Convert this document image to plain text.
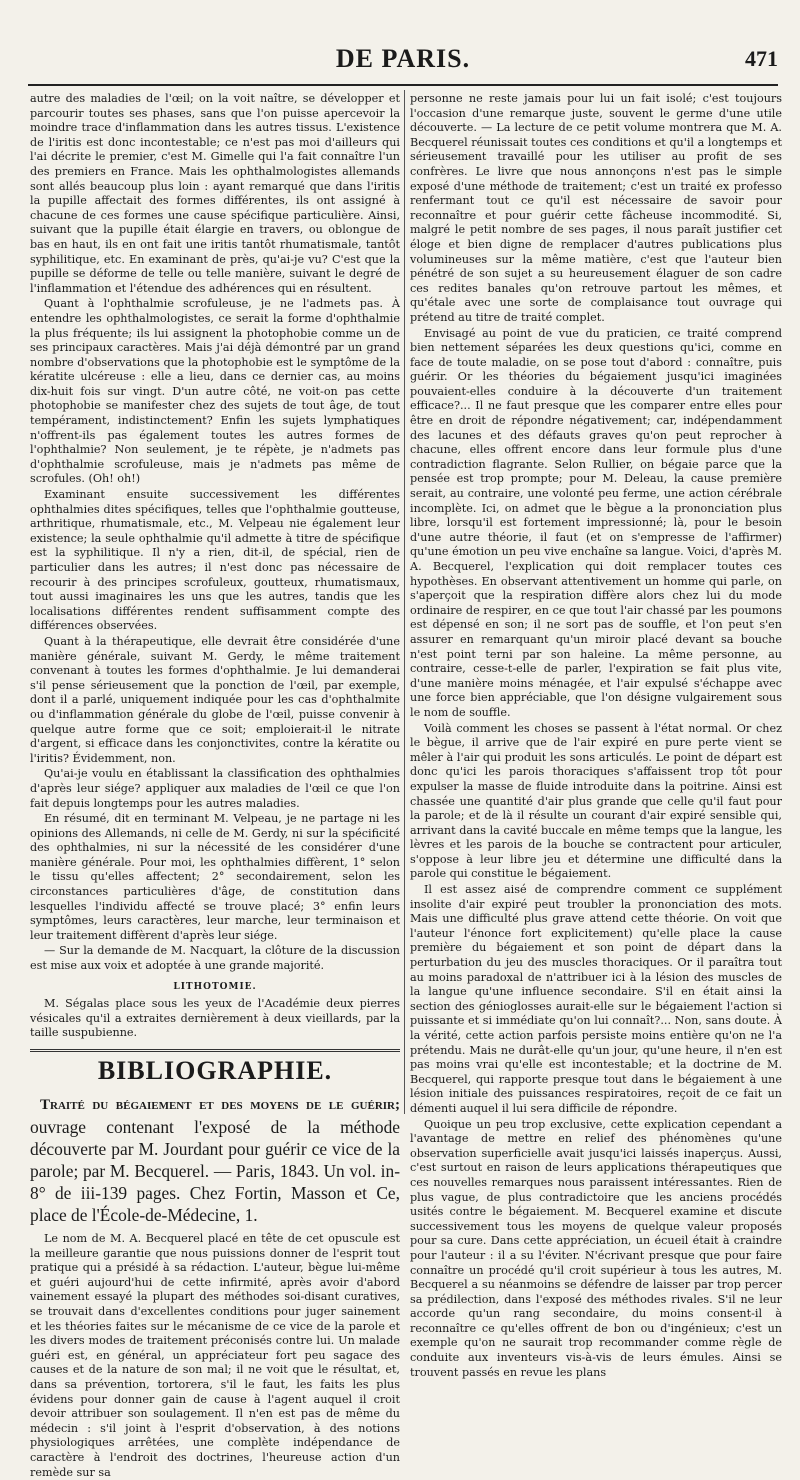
DE PARIS.	471

autre des maladies de l'œil; on la voit naître, se développer et parcourir toutes ses phases, sans que l'on puisse apercevoir la moindre trace d'inflammation dans les autres tissus. L'existence de l'iritis est donc incontestable; ce n'est pas moi d'ailleurs qui l'ai décrite le premier, c'est M. Gimelle qui l'a fait connaître l'un des premiers en France. Mais les ophthalmologistes allemands sont allés beaucoup plus loin : ayant remarqué que dans l'iritis la pupille affectait des formes différentes, ils ont assigné à chacune de ces formes une cause spécifique particulière. Ainsi, suivant que la pupille était élargie en travers, ou oblongue de bas en haut, ils en ont fait une iritis tantôt rhumatismale, tantôt syphilitique, etc. En examinant de près, qu'ai-je vu? C'est que la pupille se déforme de telle ou telle manière, suivant le degré de l'inflammation et l'étendue des adhérences qui en résultent.

Quant à l'ophthalmie scrofuleuse, je ne l'admets pas. À entendre les ophthalmologistes, ce serait la forme d'ophthalmie la plus fréquente; ils lui assignent la photophobie comme un de ses principaux caractères. Mais j'ai déjà démontré par un grand nombre d'observations que la photophobie est le symptôme de la kératite ulcéreuse : elle a lieu, dans ce dernier cas, au moins dix-huit fois sur vingt. D'un autre côté, ne voit-on pas cette photophobie se manifester chez des sujets de tout âge, de tout tempérament, indistinctement? Enfin les sujets lymphatiques n'offrent-ils pas également toutes les autres formes de l'ophthalmie? Non seulement, je te répète, je n'admets pas d'ophthalmie scrofuleuse, mais je n'admets pas même de scrofules. (Oh! oh!)

Examinant ensuite successivement les différentes ophthalmies dites spécifiques, telles que l'ophthalmie goutteuse, arthritique, rhumatismale, etc., M. Velpeau nie également leur existence; la seule ophthalmie qu'il admette à titre de spécifique est la syphilitique. Il n'y a rien, dit-il, de spécial, rien de particulier dans les autres; il n'est donc pas nécessaire de recourir à des principes scrofuleux, goutteux, rhumatismaux, tout aussi imaginaires les uns que les autres, tandis que les localisations différentes rendent suffisamment compte des différences observées.

Quant à la thérapeutique, elle devrait être considérée d'une manière générale, suivant M. Gerdy, le même traitement convenant à toutes les formes d'ophthalmie. Je lui demanderai s'il pense sérieusement que la ponction de l'œil, par exemple, dont il a parlé, uniquement indiquée pour les cas d'ophthalmite ou d'inflammation générale du globe de l'œil, puisse convenir à quelque autre forme que ce soit; emploierait-il le nitrate d'argent, si efficace dans les conjonctivites, contre la kératite ou l'iritis? Évidemment, non.

Qu'ai-je voulu en établissant la classification des ophthalmies d'après leur siége? appliquer aux maladies de l'œil ce que l'on fait depuis longtemps pour les autres maladies.

En résumé, dit en terminant M. Velpeau, je ne partage ni les opinions des Allemands, ni celle de M. Gerdy, ni sur la spécificité des ophthalmies, ni sur la nécessité de les considérer d'une manière générale. Pour moi, les ophthalmies diffèrent, 1° selon le tissu qu'elles affectent; 2° secondairement, selon les circonstances particulières d'âge, de constitution dans lesquelles l'individu affecté se trouve placé; 3° enfin leurs symptômes, leurs caractères, leur marche, leur terminaison et leur traitement diffèrent d'après leur siége.

— Sur la demande de M. Nacquart, la clôture de la discussion est mise aux voix et adoptée à une grande majorité.

LITHOTOMIE.

M. Ségalas place sous les yeux de l'Académie deux pierres vésicales qu'il a extraites dernièrement à deux vieillards, par la taille suspubienne.

BIBLIOGRAPHIE.
Traité du bégaiement et des moyens de le guérir; ouvrage contenant l'exposé de la méthode découverte par M. Jourdant pour guérir ce vice de la parole; par M. Becquerel. — Paris, 1843. Un vol. in-8° de iii-139 pages. Chez Fortin, Masson et Ce, place de l'École-de-Médecine, 1.

Le nom de M. A. Becquerel placé en tête de cet opuscule est la meilleure garantie que nous puissions donner de l'esprit tout pratique qui a présidé à sa rédaction. L'auteur, bègue lui-même et guéri aujourd'hui de cette infirmité, après avoir d'abord vainement essayé la plupart des méthodes soi-disant curatives, se trouvait dans d'excellentes conditions pour juger sainement et les théories faites sur le mécanisme de ce vice de la parole et les divers modes de traitement préconisés contre lui. Un malade guéri est, en général, un appréciateur fort peu sagace des causes et de la nature de son mal; il ne voit que le résultat, et, dans sa prévention, tortorera, s'il le faut, les faits les plus évidens pour donner gain de cause à l'agent auquel il croit devoir attribuer son soulagement. Il n'en est pas de même du médecin : s'il joint à l'esprit d'observation, à des notions physiologiques arrêtées, une complète indépendance de caractère à l'endroit des doctrines, l'heureuse action d'un remède sur sa

personne ne reste jamais pour lui un fait isolé; c'est toujours l'occasion d'une remarque juste, souvent le germe d'une utile découverte. — La lecture de ce petit volume montrera que M. A. Becquerel réunissait toutes ces conditions et qu'il a longtemps et sérieusement travaillé pour les utiliser au profit de ses confrères. Le livre que nous annonçons n'est pas le simple exposé d'une méthode de traitement; c'est un traité ex professo renfermant tout ce qu'il est nécessaire de savoir pour reconnaître et pour guérir cette fâcheuse incommodité. Si, malgré le petit nombre de ses pages, il nous paraît justifier cet éloge et bien digne de remplacer d'autres publications plus volumineuses sur la même matière, c'est que l'auteur bien pénétré de son sujet a su heureusement élaguer de son cadre ces redites banales qu'on retrouve partout les mêmes, et qu'étale avec une sorte de complaisance tout ouvrage qui prétend au titre de traité complet.

Envisagé au point de vue du praticien, ce traité comprend bien nettement séparées les deux questions qu'ici, comme en face de toute maladie, on se pose tout d'abord : connaître, puis guérir. Or les théories du bégaiement jusqu'ici imaginées pouvaient-elles conduire à la découverte d'un traitement efficace?... Il ne faut presque que les comparer entre elles pour être en droit de répondre négativement; car, indépendamment des lacunes et des défauts graves qu'on peut reprocher à chacune, elles offrent encore dans leur formule plus d'une contradiction flagrante. Selon Rullier, on bégaie parce que la pensée est trop prompte; pour M. Deleau, la cause première serait, au contraire, une volonté peu ferme, une action cérébrale incomplète. Ici, on admet que le bègue a la prononciation plus libre, lorsqu'il est fortement impressionné; là, pour le besoin d'une autre théorie, il faut (et on s'empresse de l'affirmer) qu'une émotion un peu vive enchaîne sa langue. Voici, d'après M. A. Becquerel, l'explication qui doit remplacer toutes ces hypothèses. En observant attentivement un homme qui parle, on s'aperçoit que la respiration diffère alors chez lui du mode ordinaire de respirer, en ce que tout l'air chassé par les poumons est dépensé en son; il ne sort pas de souffle, et l'on peut s'en assurer en remarquant qu'un miroir placé devant sa bouche n'est point terni par son haleine. La même personne, au contraire, cesse-t-elle de parler, l'expiration se fait plus vite, d'une manière moins ménagée, et l'air expulsé s'échappe avec une force bien appréciable, que l'on désigne vulgairement sous le nom de souffle.

Voilà comment les choses se passent à l'état normal. Or chez le bègue, il arrive que de l'air expiré en pure perte vient se mêler à l'air qui produit les sons articulés. Le point de départ est donc qu'ici les parois thoraciques s'affaissent trop tôt pour expulser la masse de fluide introduite dans la poitrine. Ainsi est chassée une quantité d'air plus grande que celle qu'il faut pour la parole; et de là il résulte un courant d'air expiré sensible qui, arrivant dans la cavité buccale en même temps que la langue, les lèvres et les parois de la bouche se contractent pour articuler, s'oppose à leur libre jeu et détermine une difficulté dans la parole qui constitue le bégaiement.

Il est assez aisé de comprendre comment ce supplément insolite d'air expiré peut troubler la prononciation des mots. Mais une difficulté plus grave attend cette théorie. On voit que l'auteur l'énonce fort explicitement) qu'elle place la cause première du bégaiement et son point de départ dans la perturbation du jeu des muscles thoraciques. Or il paraîtra tout au moins paradoxal de n'attribuer ici à la lésion des muscles de la langue qu'une influence secondaire. S'il en était ainsi la section des génioglosses aurait-elle sur le bégaiement l'action si puissante et si immédiate qu'on lui connaît?... Non, sans doute. À la vérité, cette action parfois persiste moins entière qu'on ne l'a prétendu. Mais ne durât-elle qu'un jour, qu'une heure, il n'en est pas moins vrai qu'elle est incontestable; et la doctrine de M. Becquerel, qui rapporte presque tout dans le bégaiement à une lésion initiale des puissances respiratoires, reçoit de ce fait un démenti auquel il lui sera difficile de répondre.

Quoique un peu trop exclusive, cette explication cependant a l'avantage de mettre en relief des phénomènes qu'une observation superficielle avait jusqu'ici laissés inaperçus. Aussi, c'est surtout en raison de leurs applications thérapeutiques que ces nouvelles remarques nous paraissent intéressantes. Rien de plus vague, de plus contradictoire que les anciens procédés usités contre le bégaiement. M. Becquerel examine et discute successivement tous les moyens de quelque valeur proposés pour sa cure. Dans cette appréciation, un écueil était à craindre pour l'auteur : il a su l'éviter. N'écrivant presque que pour faire connaître un procédé qu'il croit supérieur à tous les autres, M. Becquerel a su néanmoins se défendre de laisser par trop percer sa prédilection, dans l'exposé des méthodes rivales. S'il ne leur accorde qu'un rang secondaire, du moins consent-il à reconnaître ce qu'elles offrent de bon ou d'ingénieux; c'est un exemple qu'on ne saurait trop recommander comme règle de conduite aux inventeurs vis-à-vis de leurs émules. Ainsi se trouvent passés en revue les plans
